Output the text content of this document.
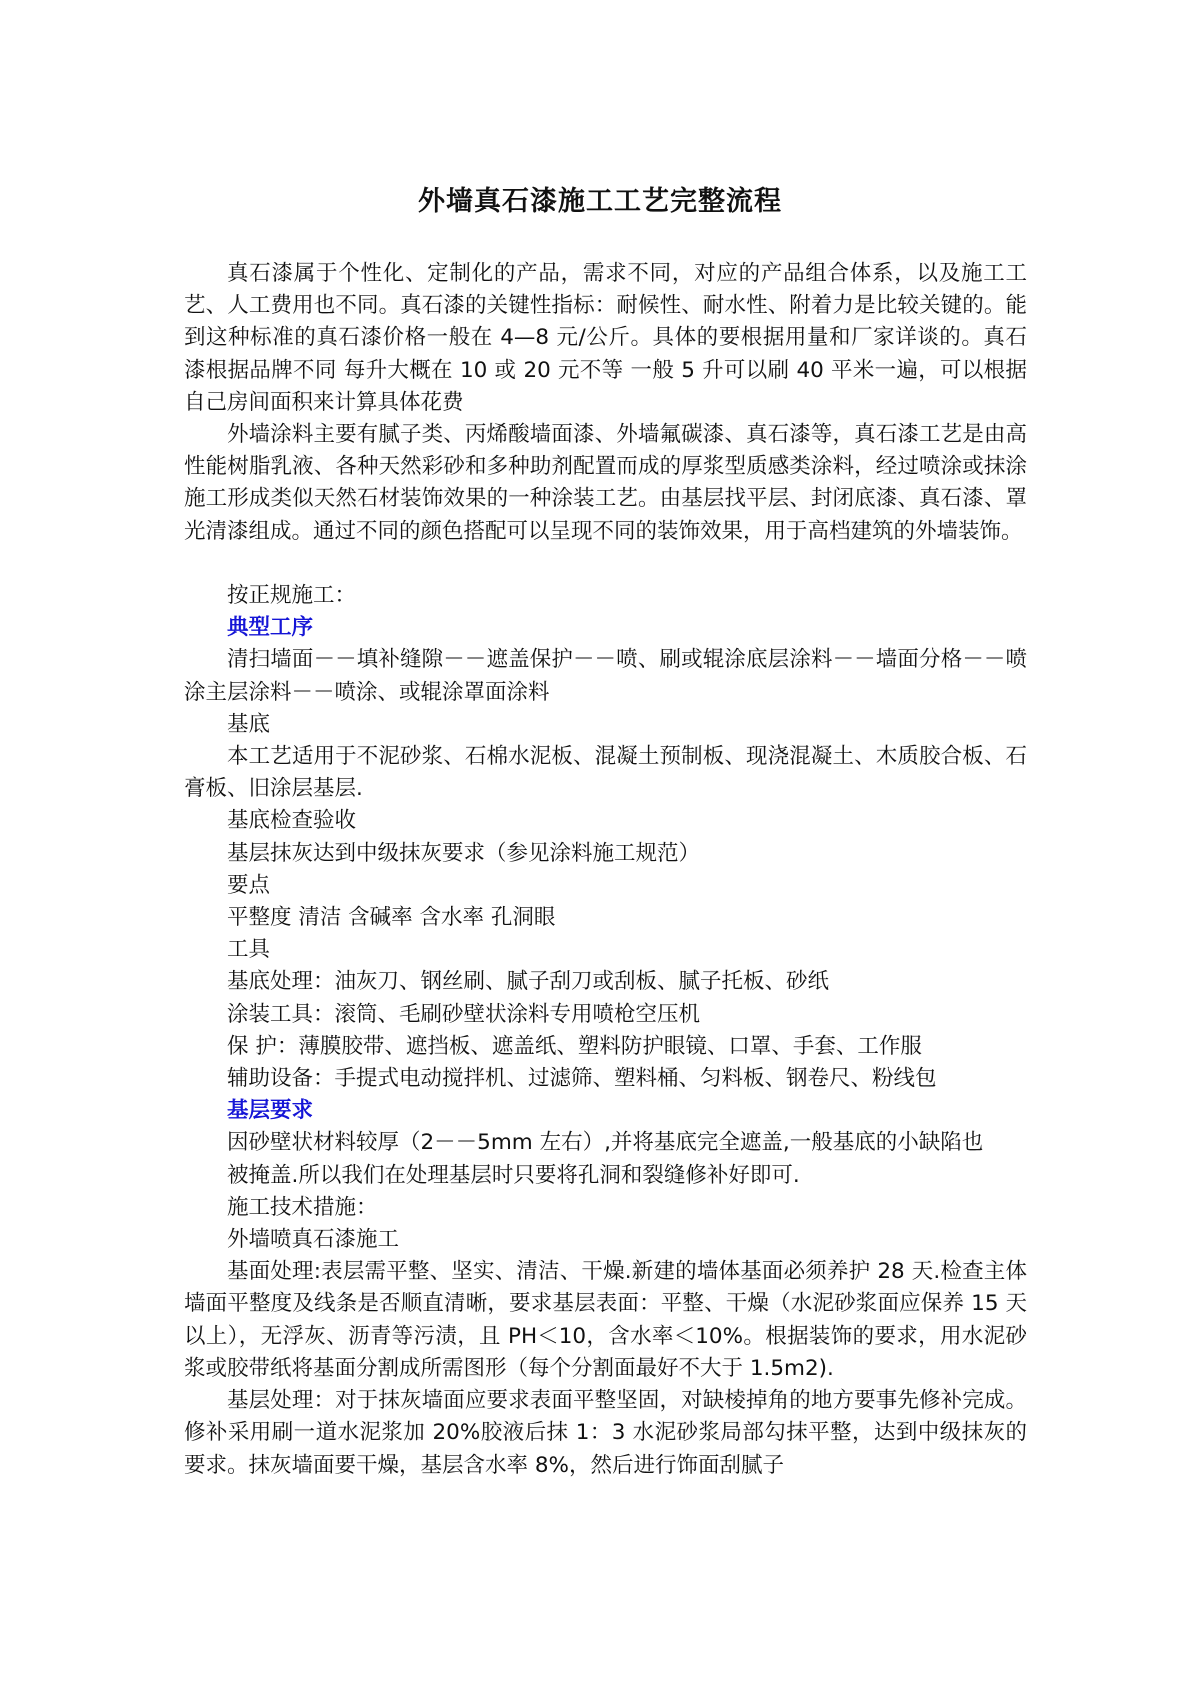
外墙真石漆施工工艺完整流程

真石漆属于个性化、定制化的产品，需求不同，对应的产品组合体系，以及施工工艺、人工费用也不同。真石漆的关键性指标：耐候性、耐水性、附着力是比较关键的。能到这种标准的真石漆价格一般在 4—8 元/公斤。具体的要根据用量和厂家详谈的。真石漆根据品牌不同 每升大概在 10 或 20 元不等 一般 5 升可以刷 40 平米一遍，可以根据自己房间面积来计算具体花费

外墙涂料主要有腻子类、丙烯酸墙面漆、外墙氟碳漆、真石漆等，真石漆工艺是由高性能树脂乳液、各种天然彩砂和多种助剂配置而成的厚浆型质感类涂料，经过喷涂或抹涂施工形成类似天然石材装饰效果的一种涂装工艺。由基层找平层、封闭底漆、真石漆、罩光清漆组成。通过不同的颜色搭配可以呈现不同的装饰效果，用于高档建筑的外墙装饰。

按正规施工：

典型工序

清扫墙面－－填补缝隙－－遮盖保护－－喷、刷或辊涂底层涂料－－墙面分格－－喷涂主层涂料－－喷涂、或辊涂罩面涂料

基底

本工艺适用于不泥砂浆、石棉水泥板、混凝土预制板、现浇混凝土、木质胶合板、石膏板、旧涂层基层.

基底检查验收

基层抹灰达到中级抹灰要求（参见涂料施工规范）

要点

平整度 清洁 含碱率 含水率 孔洞眼

工具

基底处理：油灰刀、钢丝刷、腻子刮刀或刮板、腻子托板、砂纸

涂装工具：滚筒、毛刷砂壁状涂料专用喷枪空压机

保 护：薄膜胶带、遮挡板、遮盖纸、塑料防护眼镜、口罩、手套、工作服

辅助设备：手提式电动搅拌机、过滤筛、塑料桶、匀料板、钢卷尺、粉线包

基层要求

因砂壁状材料较厚（2－－5mm 左右）,并将基底完全遮盖,一般基底的小缺陷也

被掩盖.所以我们在处理基层时只要将孔洞和裂缝修补好即可.

施工技术措施：

外墙喷真石漆施工

基面处理:表层需平整、坚实、清洁、干燥.新建的墙体基面必须养护 28 天.检查主体墙面平整度及线条是否顺直清晰，要求基层表面：平整、干燥（水泥砂浆面应保养 15 天以上），无浮灰、沥青等污渍，且 PH＜10，含水率＜10%。根据装饰的要求，用水泥砂浆或胶带纸将基面分割成所需图形（每个分割面最好不大于 1.5m2).

基层处理：对于抹灰墙面应要求表面平整坚固，对缺棱掉角的地方要事先修补完成。修补采用刷一道水泥浆加 20%胶液后抹 1：3 水泥砂浆局部勾抹平整，达到中级抹灰的要求。抹灰墙面要干燥，基层含水率 8%，然后进行饰面刮腻子
